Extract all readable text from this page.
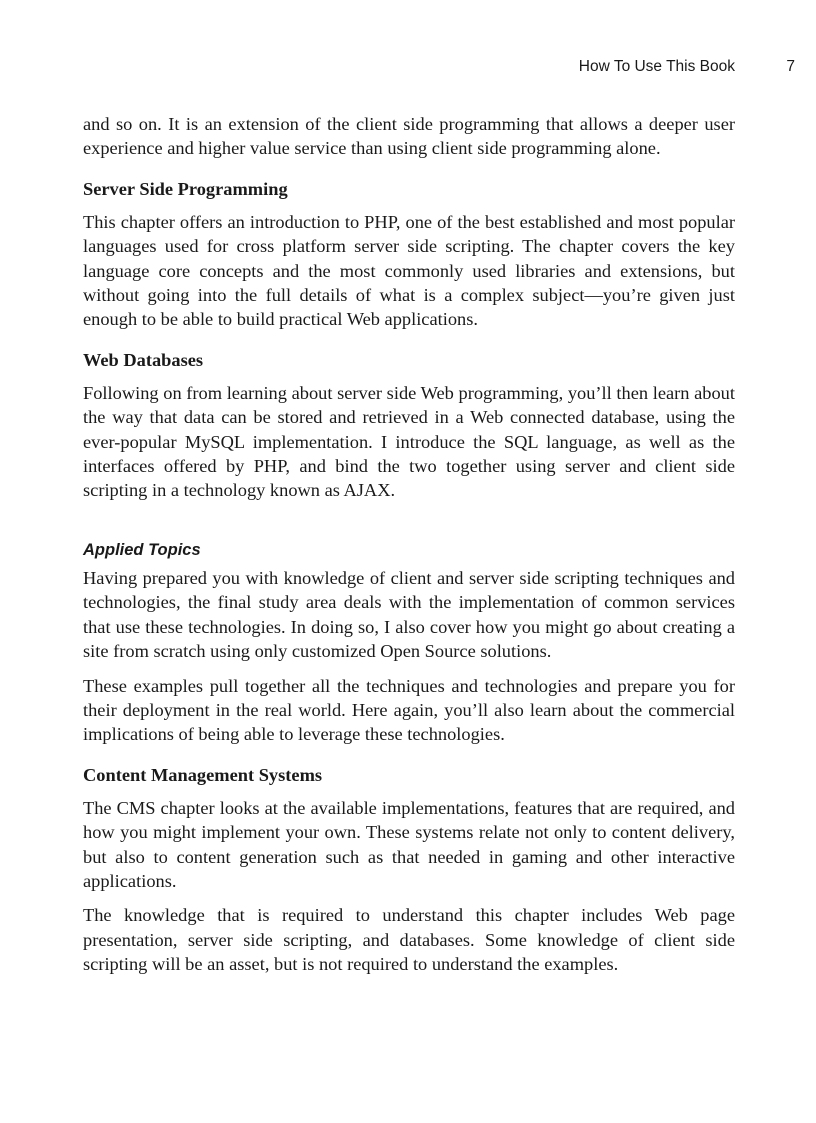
How To Use This Book	7

and so on. It is an extension of the client side programming that allows a deeper user experience and higher value service than using client side programming alone.

Server Side Programming

This chapter offers an introduction to PHP, one of the best established and most popular languages used for cross platform server side scripting. The chapter covers the key language core concepts and the most commonly used libraries and extensions, but without going into the full details of what is a complex subject—you’re given just enough to be able to build practical Web applications.

Web Databases

Following on from learning about server side Web programming, you’ll then learn about the way that data can be stored and retrieved in a Web connected database, using the ever-popular MySQL implementation. I introduce the SQL language, as well as the interfaces offered by PHP, and bind the two together using server and client side scripting in a technology known as AJAX.

Applied Topics

Having prepared you with knowledge of client and server side scripting techniques and technologies, the final study area deals with the implementation of common services that use these technologies. In doing so, I also cover how you might go about creating a site from scratch using only customized Open Source solutions.

These examples pull together all the techniques and technologies and prepare you for their deployment in the real world. Here again, you’ll also learn about the commercial implications of being able to leverage these technologies.

Content Management Systems

The CMS chapter looks at the available implementations, features that are required, and how you might implement your own. These systems relate not only to content delivery, but also to content generation such as that needed in gaming and other interactive applications.

The knowledge that is required to understand this chapter includes Web page presentation, server side scripting, and databases. Some knowledge of client side scripting will be an asset, but is not required to understand the examples.
